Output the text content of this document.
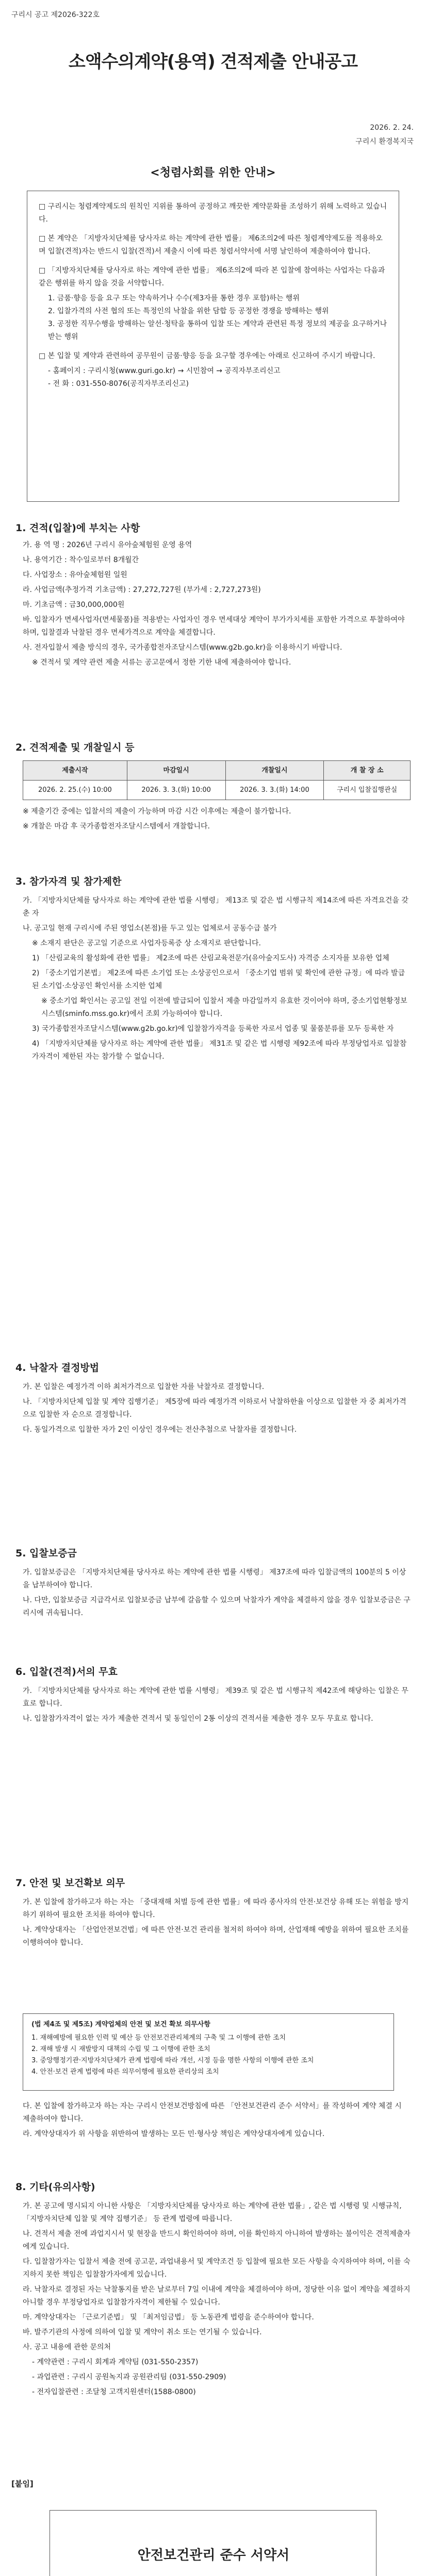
구리시 공고 제2026-322호
소액수의계약(용역) 견적제출 안내공고
2026. 2. 24.
구리시 환경복지국
<청렴사회를 위한 안내>

□ 구리시는 청렴계약제도의 원칙인 지위를 통하여 공정하고 깨끗한 계약문화를 조성하기 위해 노력하고 있습니다.

□ 본 계약은 「지방자치단체를 당사자로 하는 계약에 관한 법률」 제6조의2에 따른 청렴계약제도를 적용하오며 입찰(견적)자는 반드시 입찰(견적)서 제출시 이에 따른 청렴서약서에 서명 날인하여 제출하여야 합니다.

□ 「지방자치단체를 당사자로 하는 계약에 관한 법률」 제6조의2에 따라 본 입찰에 참여하는 사업자는 다음과 같은 행위를 하지 않을 것을 서약합니다.

1. 금품·향응 등을 요구 또는 약속하거나 수수(제3자를 통한 경우 포함)하는 행위

2. 입찰가격의 사전 협의 또는 특정인의 낙찰을 위한 담합 등 공정한 경쟁을 방해하는 행위

3. 공정한 직무수행을 방해하는 알선·청탁을 통하여 입찰 또는 계약과 관련된 특정 정보의 제공을 요구하거나 받는 행위

□ 본 입찰 및 계약과 관련하여 공무원이 금품·향응 등을 요구할 경우에는 아래로 신고하여 주시기 바랍니다.

- 홈페이지 : 구리시청(www.guri.go.kr) → 시민참여 → 공직자부조리신고

- 전 화 : 031-550-8076(공직자부조리신고)

1. 견적(입찰)에 부치는 사항

가. 용 역 명 : 2026년 구리시 유아숲체험원 운영 용역

나. 용역기간 : 착수일로부터 8개월간

다. 사업장소 : 유아숲체험원 일원

라. 사업금액(추정가격 기초금액) : 27,272,727원 (부가세 : 2,727,273원)

마. 기초금액 : 금30,000,000원

바. 입찰자가 면세사업자(면세물품)를 적용받는 사업자인 경우 면세대상 계약이 부가가치세를 포함한 가격으로 투찰하여야 하며, 입찰결과 낙찰된 경우 면세가격으로 계약을 체결합니다.

사. 전자입찰서 제출 방식의 경우, 국가종합전자조달시스템(www.g2b.go.kr)을 이용하시기 바랍니다.

※ 견적서 및 계약 관련 제출 서류는 공고문에서 정한 기한 내에 제출하여야 합니다.

2. 견적제출 및 개찰일시 등
제출시작	마감일시	개찰일시	개 찰 장 소
2026. 2. 25.(수) 10:00	2026. 3. 3.(화) 10:00	2026. 3. 3.(화) 14:00	구리시 입찰집행관실

※ 제출기간 중에는 입찰서의 제출이 가능하며 마감 시간 이후에는 제출이 불가합니다.

※ 개찰은 마감 후 국가종합전자조달시스템에서 개찰합니다.

3. 참가자격 및 참가제한

가. 「지방자치단체를 당사자로 하는 계약에 관한 법률 시행령」 제13조 및 같은 법 시행규칙 제14조에 따른 자격요건을 갖춘 자

나. 공고일 현재 구리시에 주된 영업소(본점)를 두고 있는 업체로서 공동수급 불가

※ 소재지 판단은 공고일 기준으로 사업자등록증 상 소재지로 판단합니다.

1) 「산림교육의 활성화에 관한 법률」 제2조에 따른 산림교육전문가(유아숲지도사) 자격증 소지자를 보유한 업체

2) 「중소기업기본법」 제2조에 따른 소기업 또는 소상공인으로서 「중소기업 범위 및 확인에 관한 규정」에 따라 발급된 소기업·소상공인 확인서를 소지한 업체

※ 중소기업 확인서는 공고일 전일 이전에 발급되어 입찰서 제출 마감일까지 유효한 것이어야 하며, 중소기업현황정보시스템(sminfo.mss.go.kr)에서 조회 가능하여야 합니다.

3) 국가종합전자조달시스템(www.g2b.go.kr)에 입찰참가자격을 등록한 자로서 업종 및 물품분류를 모두 등록한 자

4) 「지방자치단체를 당사자로 하는 계약에 관한 법률」 제31조 및 같은 법 시행령 제92조에 따라 부정당업자로 입찰참가자격이 제한된 자는 참가할 수 없습니다.

4. 낙찰자 결정방법

가. 본 입찰은 예정가격 이하 최저가격으로 입찰한 자를 낙찰자로 결정합니다.

나. 「지방자치단체 입찰 및 계약 집행기준」 제5장에 따라 예정가격 이하로서 낙찰하한율 이상으로 입찰한 자 중 최저가격으로 입찰한 자 순으로 결정합니다.

다. 동일가격으로 입찰한 자가 2인 이상인 경우에는 전산추첨으로 낙찰자를 결정합니다.

5. 입찰보증금

가. 입찰보증금은 「지방자치단체를 당사자로 하는 계약에 관한 법률 시행령」 제37조에 따라 입찰금액의 100분의 5 이상을 납부하여야 합니다.

나. 다만, 입찰보증금 지급각서로 입찰보증금 납부에 갈음할 수 있으며 낙찰자가 계약을 체결하지 않을 경우 입찰보증금은 구리시에 귀속됩니다.

6. 입찰(견적)서의 무효

가. 「지방자치단체를 당사자로 하는 계약에 관한 법률 시행령」 제39조 및 같은 법 시행규칙 제42조에 해당하는 입찰은 무효로 합니다.

나. 입찰참가자격이 없는 자가 제출한 견적서 및 동일인이 2통 이상의 견적서를 제출한 경우 모두 무효로 합니다.

7. 안전 및 보건확보 의무

가. 본 입찰에 참가하고자 하는 자는 「중대재해 처벌 등에 관한 법률」에 따라 종사자의 안전·보건상 유해 또는 위험을 방지하기 위하여 필요한 조치를 하여야 합니다.

나. 계약상대자는 「산업안전보건법」에 따른 안전·보건 관리를 철저히 하여야 하며, 산업재해 예방을 위하여 필요한 조치를 이행하여야 합니다.

(법 제4조 및 제5조) 계약업체의 안전 및 보건 확보 의무사항
1. 재해예방에 필요한 인력 및 예산 등 안전보건관리체계의 구축 및 그 이행에 관한 조치
2. 재해 발생 시 재발방지 대책의 수립 및 그 이행에 관한 조치
3. 중앙행정기관·지방자치단체가 관계 법령에 따라 개선, 시정 등을 명한 사항의 이행에 관한 조치
4. 안전·보건 관계 법령에 따른 의무이행에 필요한 관리상의 조치

다. 본 입찰에 참가하고자 하는 자는 구리시 안전보건방침에 따른 「안전보건관리 준수 서약서」를 작성하여 계약 체결 시 제출하여야 합니다.

라. 계약상대자가 위 사항을 위반하여 발생하는 모든 민·형사상 책임은 계약상대자에게 있습니다.

8. 기타(유의사항)

가. 본 공고에 명시되지 아니한 사항은 「지방자치단체를 당사자로 하는 계약에 관한 법률」, 같은 법 시행령 및 시행규칙, 「지방자치단체 입찰 및 계약 집행기준」 등 관계 법령에 따릅니다.

나. 견적서 제출 전에 과업지시서 및 현장을 반드시 확인하여야 하며, 이를 확인하지 아니하여 발생하는 불이익은 견적제출자에게 있습니다.

다. 입찰참가자는 입찰서 제출 전에 공고문, 과업내용서 및 계약조건 등 입찰에 필요한 모든 사항을 숙지하여야 하며, 이를 숙지하지 못한 책임은 입찰참가자에게 있습니다.

라. 낙찰자로 결정된 자는 낙찰통지를 받은 날로부터 7일 이내에 계약을 체결하여야 하며, 정당한 이유 없이 계약을 체결하지 아니할 경우 부정당업자로 입찰참가자격이 제한될 수 있습니다.

마. 계약상대자는 「근로기준법」 및 「최저임금법」 등 노동관계 법령을 준수하여야 합니다.

바. 발주기관의 사정에 의하여 입찰 및 계약이 취소 또는 연기될 수 있습니다.

사. 공고 내용에 관한 문의처

- 계약관련 : 구리시 회계과 계약팀 (031-550-2357)

- 과업관련 : 구리시 공원녹지과 공원관리팀 (031-550-2909)

- 전자입찰관련 : 조달청 고객지원센터(1588-0800)

[붙임]
안전보건관리 준수 서약서
